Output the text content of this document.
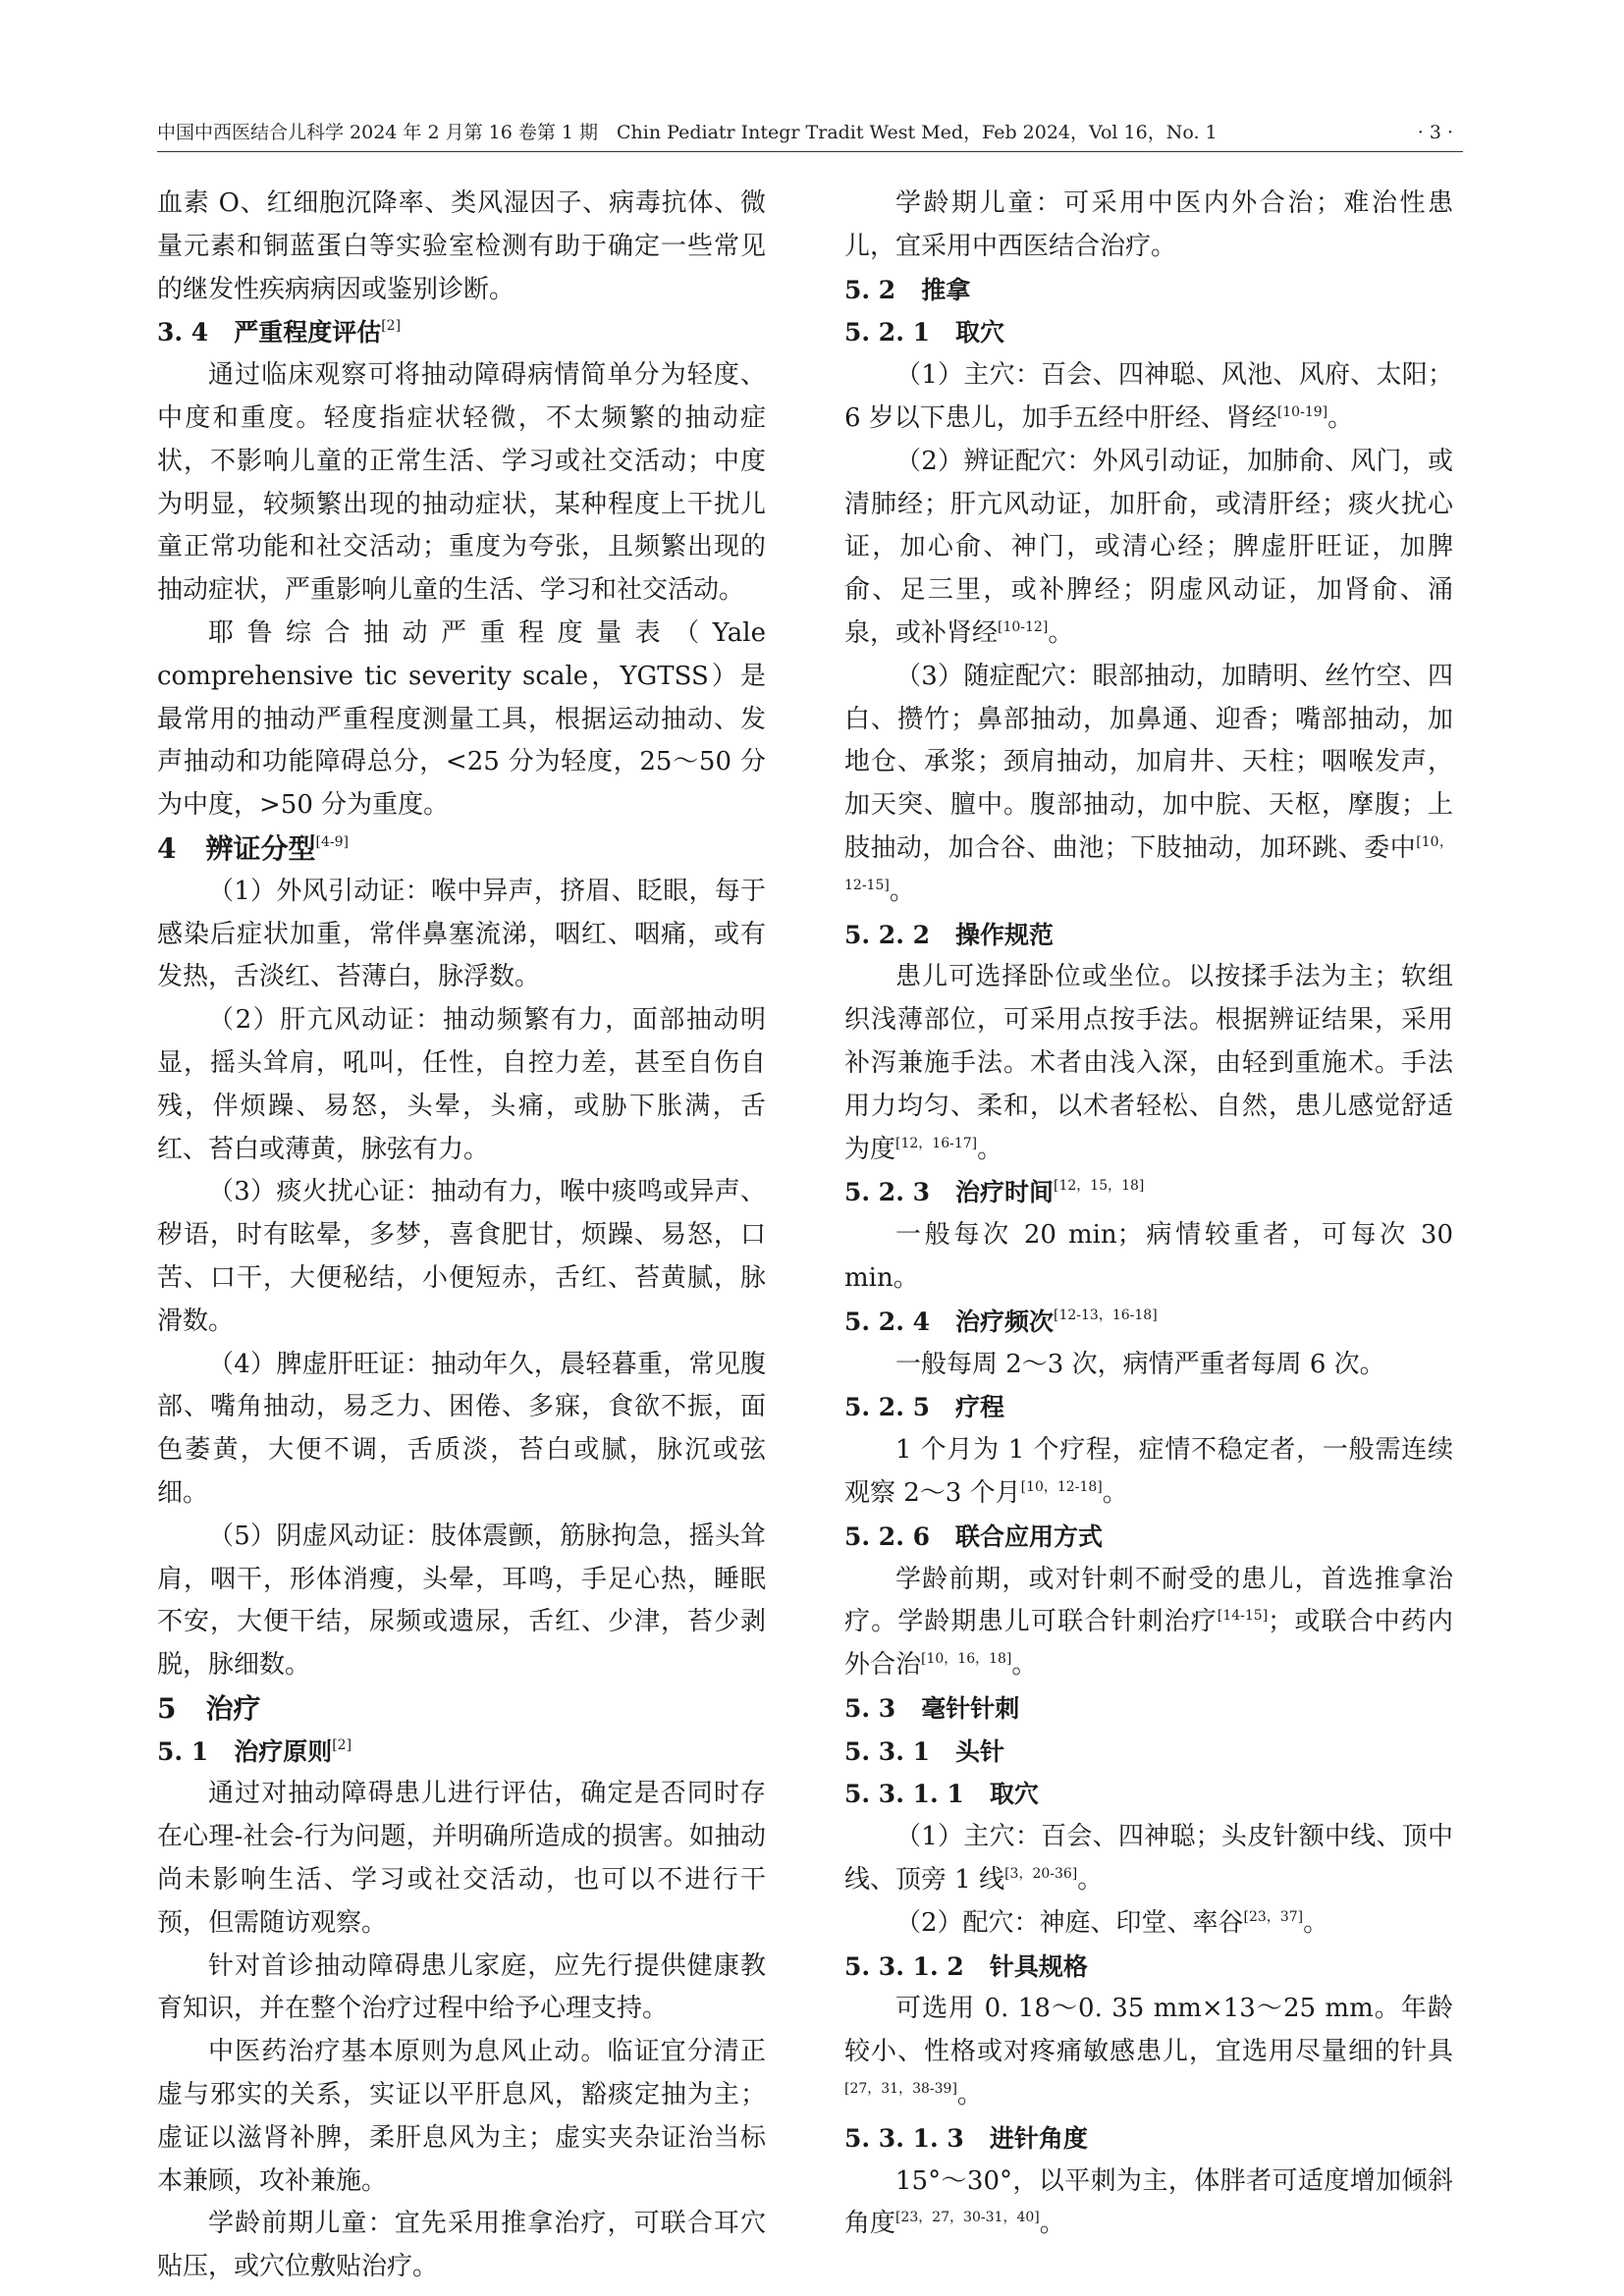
中国中西医结合儿科学 2024 年 2 月第 16 卷第 1 期　Chin Pediatr Integr Tradit West Med，Feb 2024，Vol 16，No. 1	· 3 ·

血素 O、红细胞沉降率、类风湿因子、病毒抗体、微量元素和铜蓝蛋白等实验室检测有助于确定一些常见的继发性疾病病因或鉴别诊断。

3. 4 严重程度评估[2]

通过临床观察可将抽动障碍病情简单分为轻度、中度和重度。轻度指症状轻微，不太频繁的抽动症状，不影响儿童的正常生活、学习或社交活动；中度为明显，较频繁出现的抽动症状，某种程度上干扰儿童正常功能和社交活动；重度为夸张，且频繁出现的抽动症状，严重影响儿童的生活、学习和社交活动。

耶鲁综合抽动严重程度量表（Yale comprehensive tic severity scale，YGTSS）是最常用的抽动严重程度测量工具，根据运动抽动、发声抽动和功能障碍总分，<25 分为轻度，25～50 分为中度，>50 分为重度。

4 辨证分型[4-9]

（1）外风引动证：喉中异声，挤眉、眨眼，每于感染后症状加重，常伴鼻塞流涕，咽红、咽痛，或有发热，舌淡红、苔薄白，脉浮数。

（2）肝亢风动证：抽动频繁有力，面部抽动明显，摇头耸肩，吼叫，任性，自控力差，甚至自伤自残，伴烦躁、易怒，头晕，头痛，或胁下胀满，舌红、苔白或薄黄，脉弦有力。

（3）痰火扰心证：抽动有力，喉中痰鸣或异声、秽语，时有眩晕，多梦，喜食肥甘，烦躁、易怒，口苦、口干，大便秘结，小便短赤，舌红、苔黄腻，脉滑数。

（4）脾虚肝旺证：抽动年久，晨轻暮重，常见腹部、嘴角抽动，易乏力、困倦、多寐，食欲不振，面色萎黄，大便不调，舌质淡，苔白或腻，脉沉或弦细。

（5）阴虚风动证：肢体震颤，筋脉拘急，摇头耸肩，咽干，形体消瘦，头晕，耳鸣，手足心热，睡眠不安，大便干结，尿频或遗尿，舌红、少津，苔少剥脱，脉细数。

5 治疗
5. 1 治疗原则[2]

通过对抽动障碍患儿进行评估，确定是否同时存在心理-社会-行为问题，并明确所造成的损害。如抽动尚未影响生活、学习或社交活动，也可以不进行干预，但需随访观察。

针对首诊抽动障碍患儿家庭，应先行提供健康教育知识，并在整个治疗过程中给予心理支持。

中医药治疗基本原则为息风止动。临证宜分清正虚与邪实的关系，实证以平肝息风，豁痰定抽为主；虚证以滋肾补脾，柔肝息风为主；虚实夹杂证治当标本兼顾，攻补兼施。

学龄前期儿童：宜先采用推拿治疗，可联合耳穴贴压，或穴位敷贴治疗。

学龄期儿童：可采用中医内外合治；难治性患儿，宜采用中西医结合治疗。

5. 2 推拿
5. 2. 1 取穴

（1）主穴：百会、四神聪、风池、风府、太阳；6 岁以下患儿，加手五经中肝经、肾经[10-19]。

（2）辨证配穴：外风引动证，加肺俞、风门，或清肺经；肝亢风动证，加肝俞，或清肝经；痰火扰心证，加心俞、神门，或清心经；脾虚肝旺证，加脾俞、足三里，或补脾经；阴虚风动证，加肾俞、涌泉，或补肾经[10-12]。

（3）随症配穴：眼部抽动，加睛明、丝竹空、四白、攒竹；鼻部抽动，加鼻通、迎香；嘴部抽动，加地仓、承浆；颈肩抽动，加肩井、天柱；咽喉发声，加天突、膻中。腹部抽动，加中脘、天枢，摩腹；上肢抽动，加合谷、曲池；下肢抽动，加环跳、委中[10，12-15]。

5. 2. 2 操作规范

患儿可选择卧位或坐位。以按揉手法为主；软组织浅薄部位，可采用点按手法。根据辨证结果，采用补泻兼施手法。术者由浅入深，由轻到重施术。手法用力均匀、柔和，以术者轻松、自然，患儿感觉舒适为度[12，16-17]。

5. 2. 3 治疗时间[12，15，18]

一般每次 20 min；病情较重者，可每次 30 min。

5. 2. 4 治疗频次[12-13，16-18]

一般每周 2～3 次，病情严重者每周 6 次。

5. 2. 5 疗程

1 个月为 1 个疗程，症情不稳定者，一般需连续观察 2～3 个月[10，12-18]。

5. 2. 6 联合应用方式

学龄前期，或对针刺不耐受的患儿，首选推拿治疗。学龄期患儿可联合针刺治疗[14-15]；或联合中药内外合治[10，16，18]。

5. 3 毫针针刺
5. 3. 1 头针
5. 3. 1. 1 取穴

（1）主穴：百会、四神聪；头皮针额中线、顶中线、顶旁 1 线[3，20-36]。

（2）配穴：神庭、印堂、率谷[23，37]。

5. 3. 1. 2 针具规格

可选用 0. 18～0. 35 mm×13～25 mm。年龄较小、性格或对疼痛敏感患儿，宜选用尽量细的针具[27，31，38-39]。

5. 3. 1. 3 进针角度

15°～30°，以平刺为主，体胖者可适度增加倾斜角度[23，27，30-31，40]。
